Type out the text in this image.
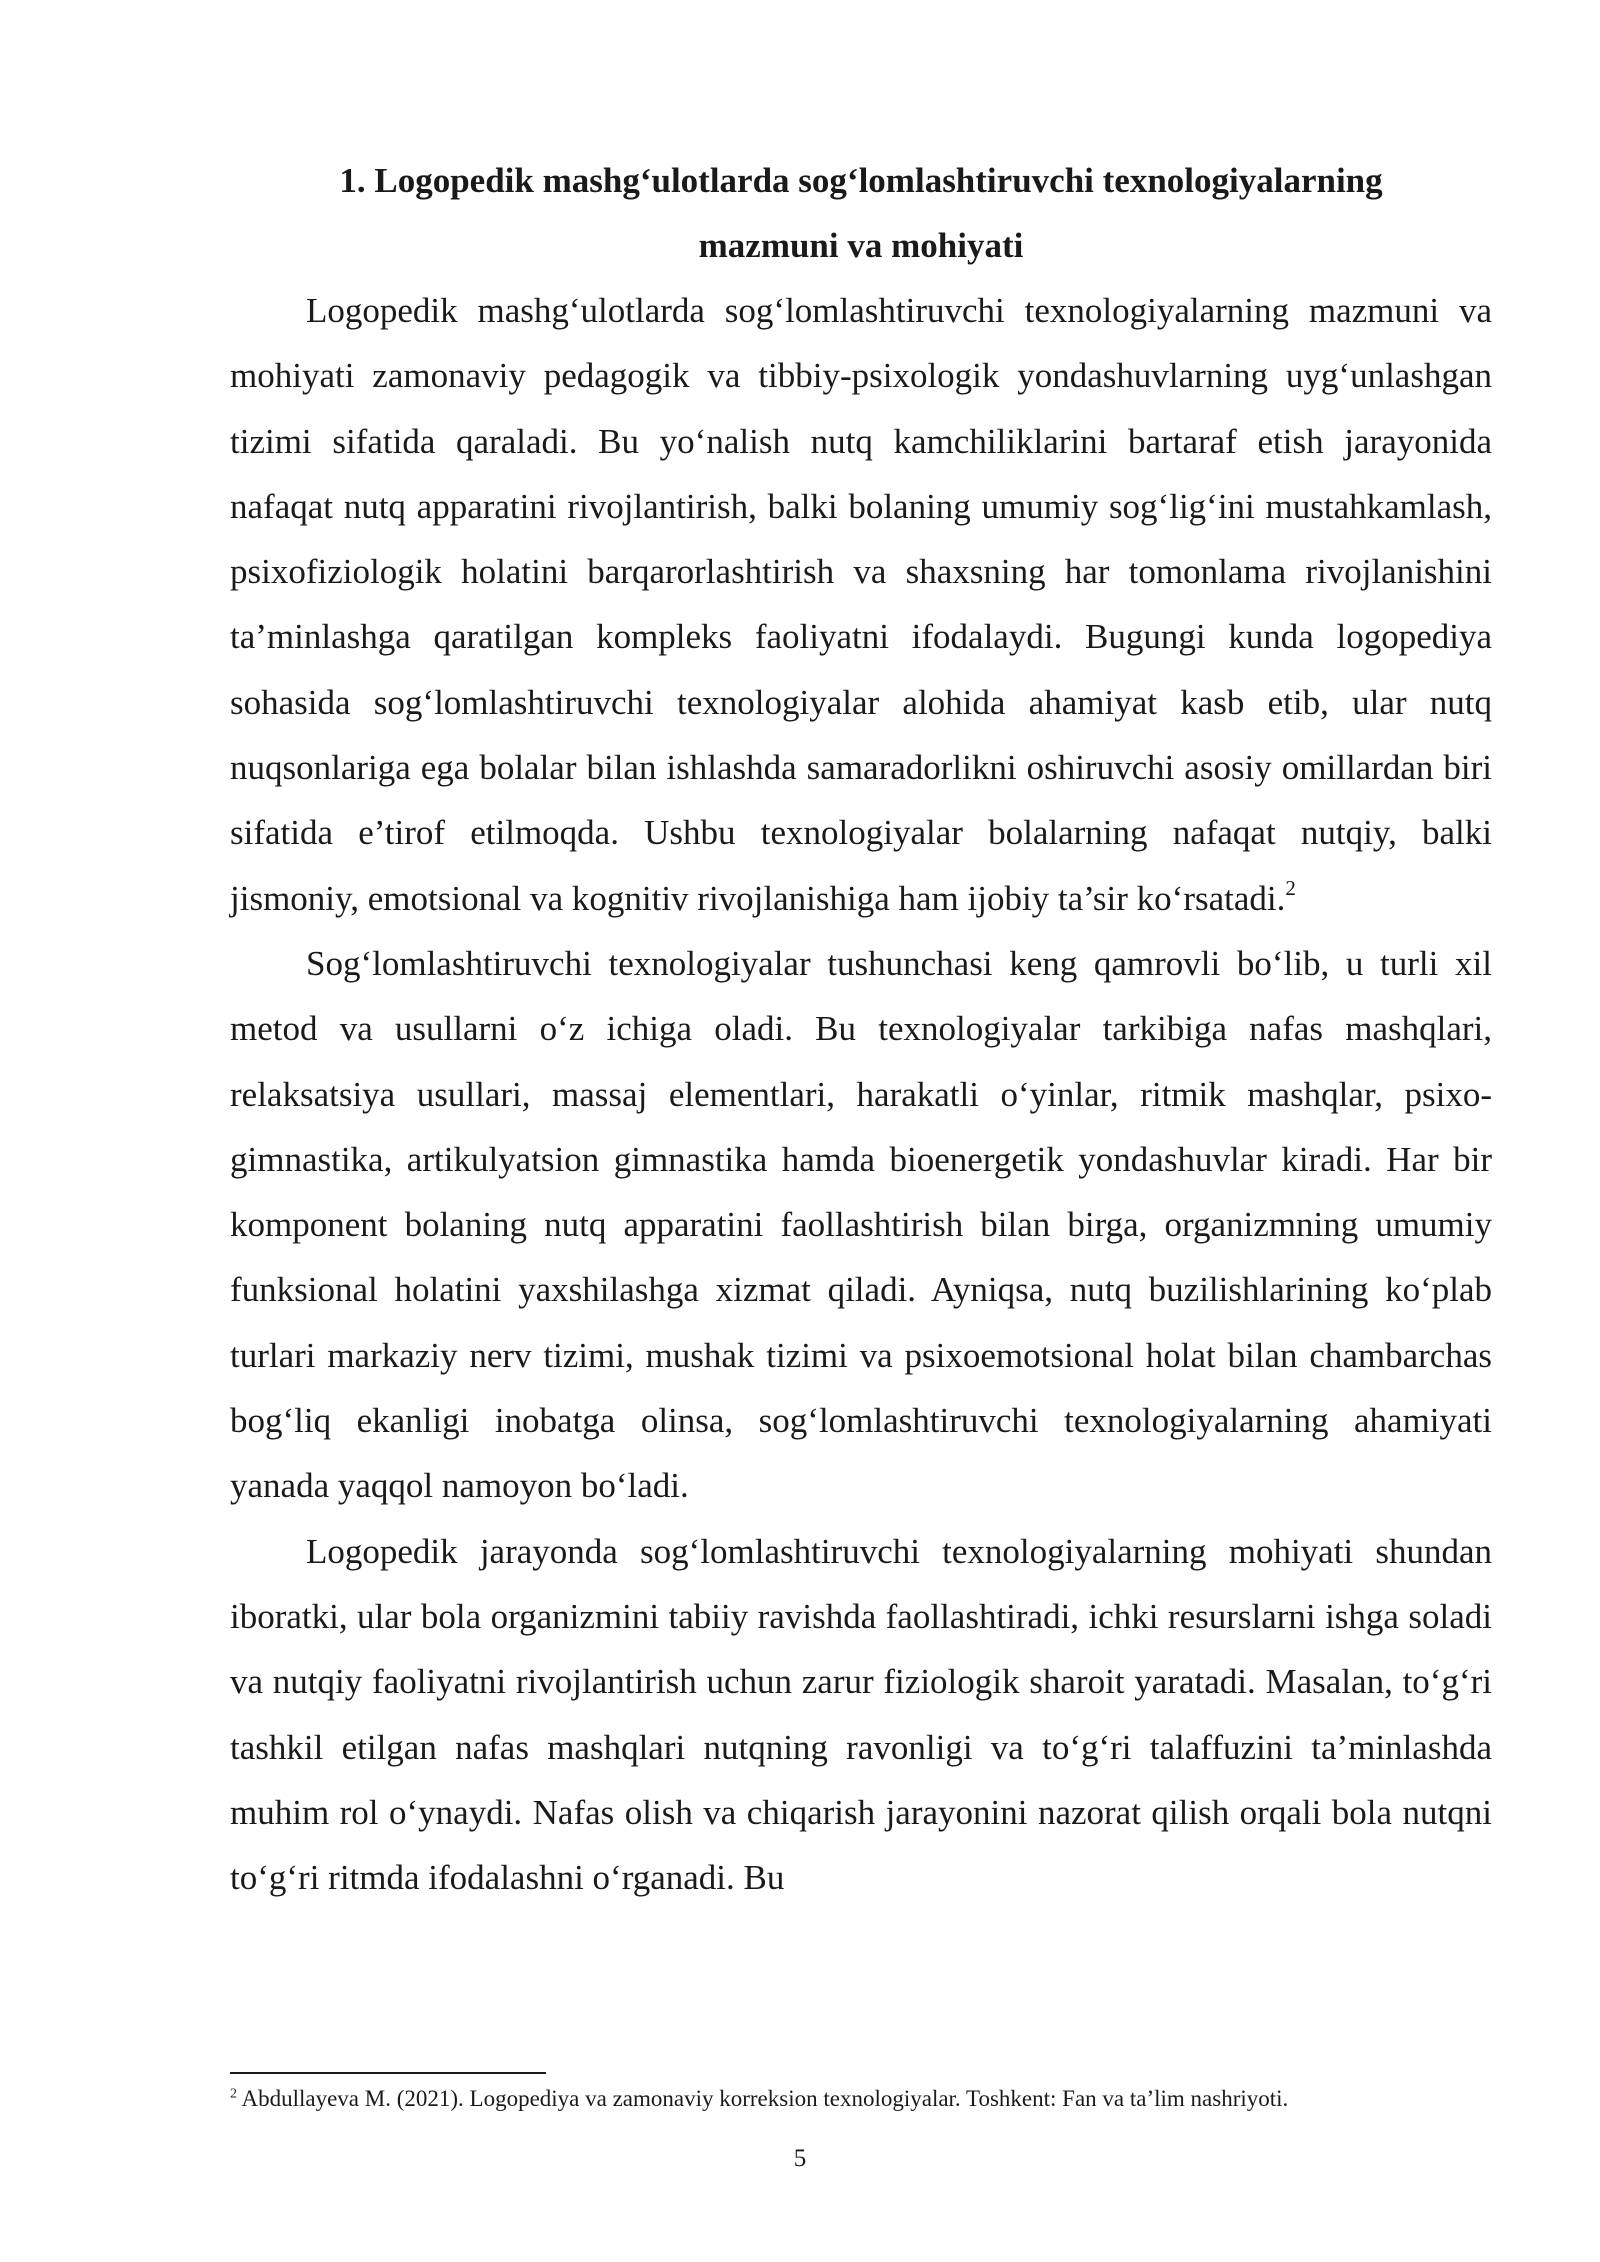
1. Logopedik mashg‘ulotlarda sog‘lomlashtiruvchi texnologiyalarning
mazmuni va mohiyati

Logopedik mashg‘ulotlarda sog‘lomlashtiruvchi texnologiyalarning mazmuni va mohiyati zamonaviy pedagogik va tibbiy-psixologik yondashuvlarning uyg‘unlashgan tizimi sifatida qaraladi. Bu yo‘nalish nutq kamchiliklarini bartaraf etish jarayonida nafaqat nutq apparatini rivojlantirish, balki bolaning umumiy sog‘lig‘ini mustahkamlash, psixofiziologik holatini barqarorlashtirish va shaxsning har tomonlama rivojlanishini ta’minlashga qaratilgan kompleks faoliyatni ifodalaydi. Bugungi kunda logopediya sohasida sog‘lomlashtiruvchi texnologiyalar alohida ahamiyat kasb etib, ular nutq nuqsonlariga ega bolalar bilan ishlashda samaradorlikni oshiruvchi asosiy omillardan biri sifatida e’tirof etilmoqda. Ushbu texnologiyalar bolalarning nafaqat nutqiy, balki jismoniy, emotsional va kognitiv rivojlanishiga ham ijobiy ta’sir ko‘rsatadi.$^2$

Sog‘lomlashtiruvchi texnologiyalar tushunchasi keng qamrovli bo‘lib, u turli xil metod va usullarni o‘z ichiga oladi. Bu texnologiyalar tarkibiga nafas mashqlari, relaksatsiya usullari, massaj elementlari, harakatli o‘yinlar, ritmik mashqlar, psixo-gimnastika, artikulyatsion gimnastika hamda bioenergetik yondashuvlar kiradi. Har bir komponent bolaning nutq apparatini faollashtirish bilan birga, organizmning umumiy funksional holatini yaxshilashga xizmat qiladi. Ayniqsa, nutq buzilishlarining ko‘plab turlari markaziy nerv tizimi, mushak tizimi va psixoemotsional holat bilan chambarchas bog‘liq ekanligi inobatga olinsa, sog‘lomlashtiruvchi texnologiyalarning ahamiyati yanada yaqqol namoyon bo‘ladi.

Logopedik jarayonda sog‘lomlashtiruvchi texnologiyalarning mohiyati shundan iboratki, ular bola organizmini tabiiy ravishda faollashtiradi, ichki resurslarni ishga soladi va nutqiy faoliyatni rivojlantirish uchun zarur fiziologik sharoit yaratadi. Masalan, to‘g‘ri tashkil etilgan nafas mashqlari nutqning ravonligi va to‘g‘ri talaffuzini ta’minlashda muhim rol o‘ynaydi. Nafas olish va chiqarish jarayonini nazorat qilish orqali bola nutqni to‘g‘ri ritmda ifodalashni o‘rganadi. Bu

$^2$ Abdullayeva M. (2021). Logopediya va zamonaviy korreksion texnologiyalar. Toshkent: Fan va ta’lim nashriyoti.

5
